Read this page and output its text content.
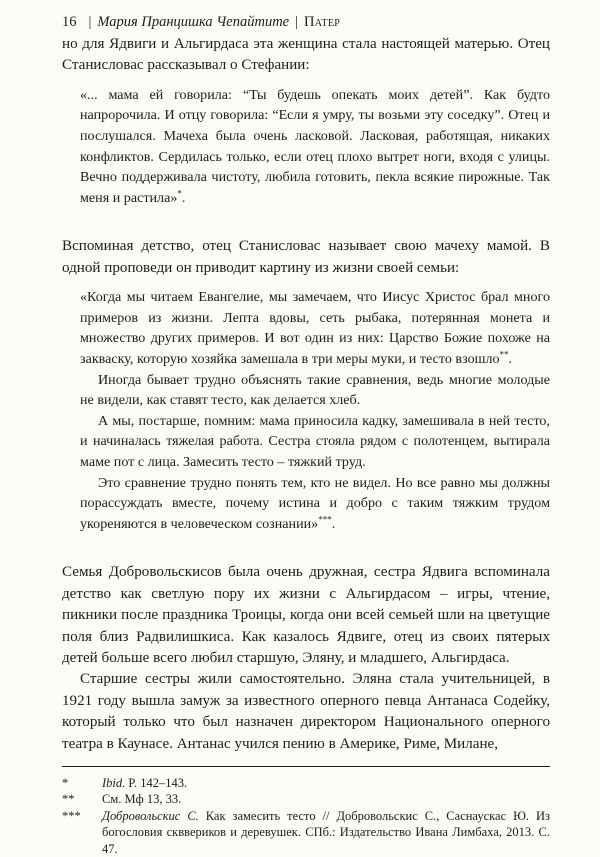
16 | Мария Пранцишка Чепайтите | Патер

но для Ядвиги и Альгирдаса эта женщина стала настоящей матерью. Отец Станисловас рассказывал о Стефании:

«... мама ей говорила: “Ты будешь опекать моих детей”. Как будто напророчила. И отцу говорила: “Если я умру, ты возьми эту соседку”. Отец и послушался. Мачеха была очень ласковой. Ласковая, работящая, никаких конфликтов. Сердилась только, если отец плохо вытрет ноги, входя с улицы. Вечно поддерживала чистоту, любила готовить, пекла всякие пирожные. Так меня и растила»*.

Вспоминая детство, отец Станисловас называет свою мачеху мамой. В одной проповеди он приводит картину из жизни своей семьи:

«Когда мы читаем Евангелие, мы замечаем, что Иисус Христос брал много примеров из жизни. Лепта вдовы, сеть рыбака, потерянная монета и множество других примеров. И вот один из них: Царство Божие похоже на закваску, которую хозяйка замешала в три меры муки, и тесто взошло**.

Иногда бывает трудно объяснять такие сравнения, ведь многие молодые не видели, как ставят тесто, как делается хлеб.

А мы, постарше, помним: мама приносила кадку, замешивала в ней тесто, и начиналась тяжелая работа. Сестра стояла рядом с полотенцем, вытирала маме пот с лица. Замесить тесто – тяжкий труд.

Это сравнение трудно понять тем, кто не видел. Но все равно мы должны порассуждать вместе, почему истина и добро с таким тяжким трудом укореняются в человеческом сознании»***.

Семья Добровольскисов была очень дружная, сестра Ядвига вспоминала детство как светлую пору их жизни с Альгирдасом – игры, чтение, пикники после праздника Троицы, когда они всей семьей шли на цветущие поля близ Радвилишкиса. Как казалось Ядвиге, отец из своих пятерых детей больше всего любил старшую, Эляну, и младшего, Альгирдаса.

Старшие сестры жили самостоятельно. Эляна стала учительницей, в 1921 году вышла замуж за известного оперного певца Антанаса Содейку, который только что был назначен директором Национального оперного театра в Каунасе. Антанас учился пению в Америке, Риме, Милане,

*	Ibid. P. 142–143.
**	См. Мф 13, 33.
***	Добровольскис С. Как замесить тесто // Добровольскис С., Саснаускас Ю. Из богословия скввериков и деревушек. СПб.: Издательство Ивана Лимбаха, 2013. С. 47.
